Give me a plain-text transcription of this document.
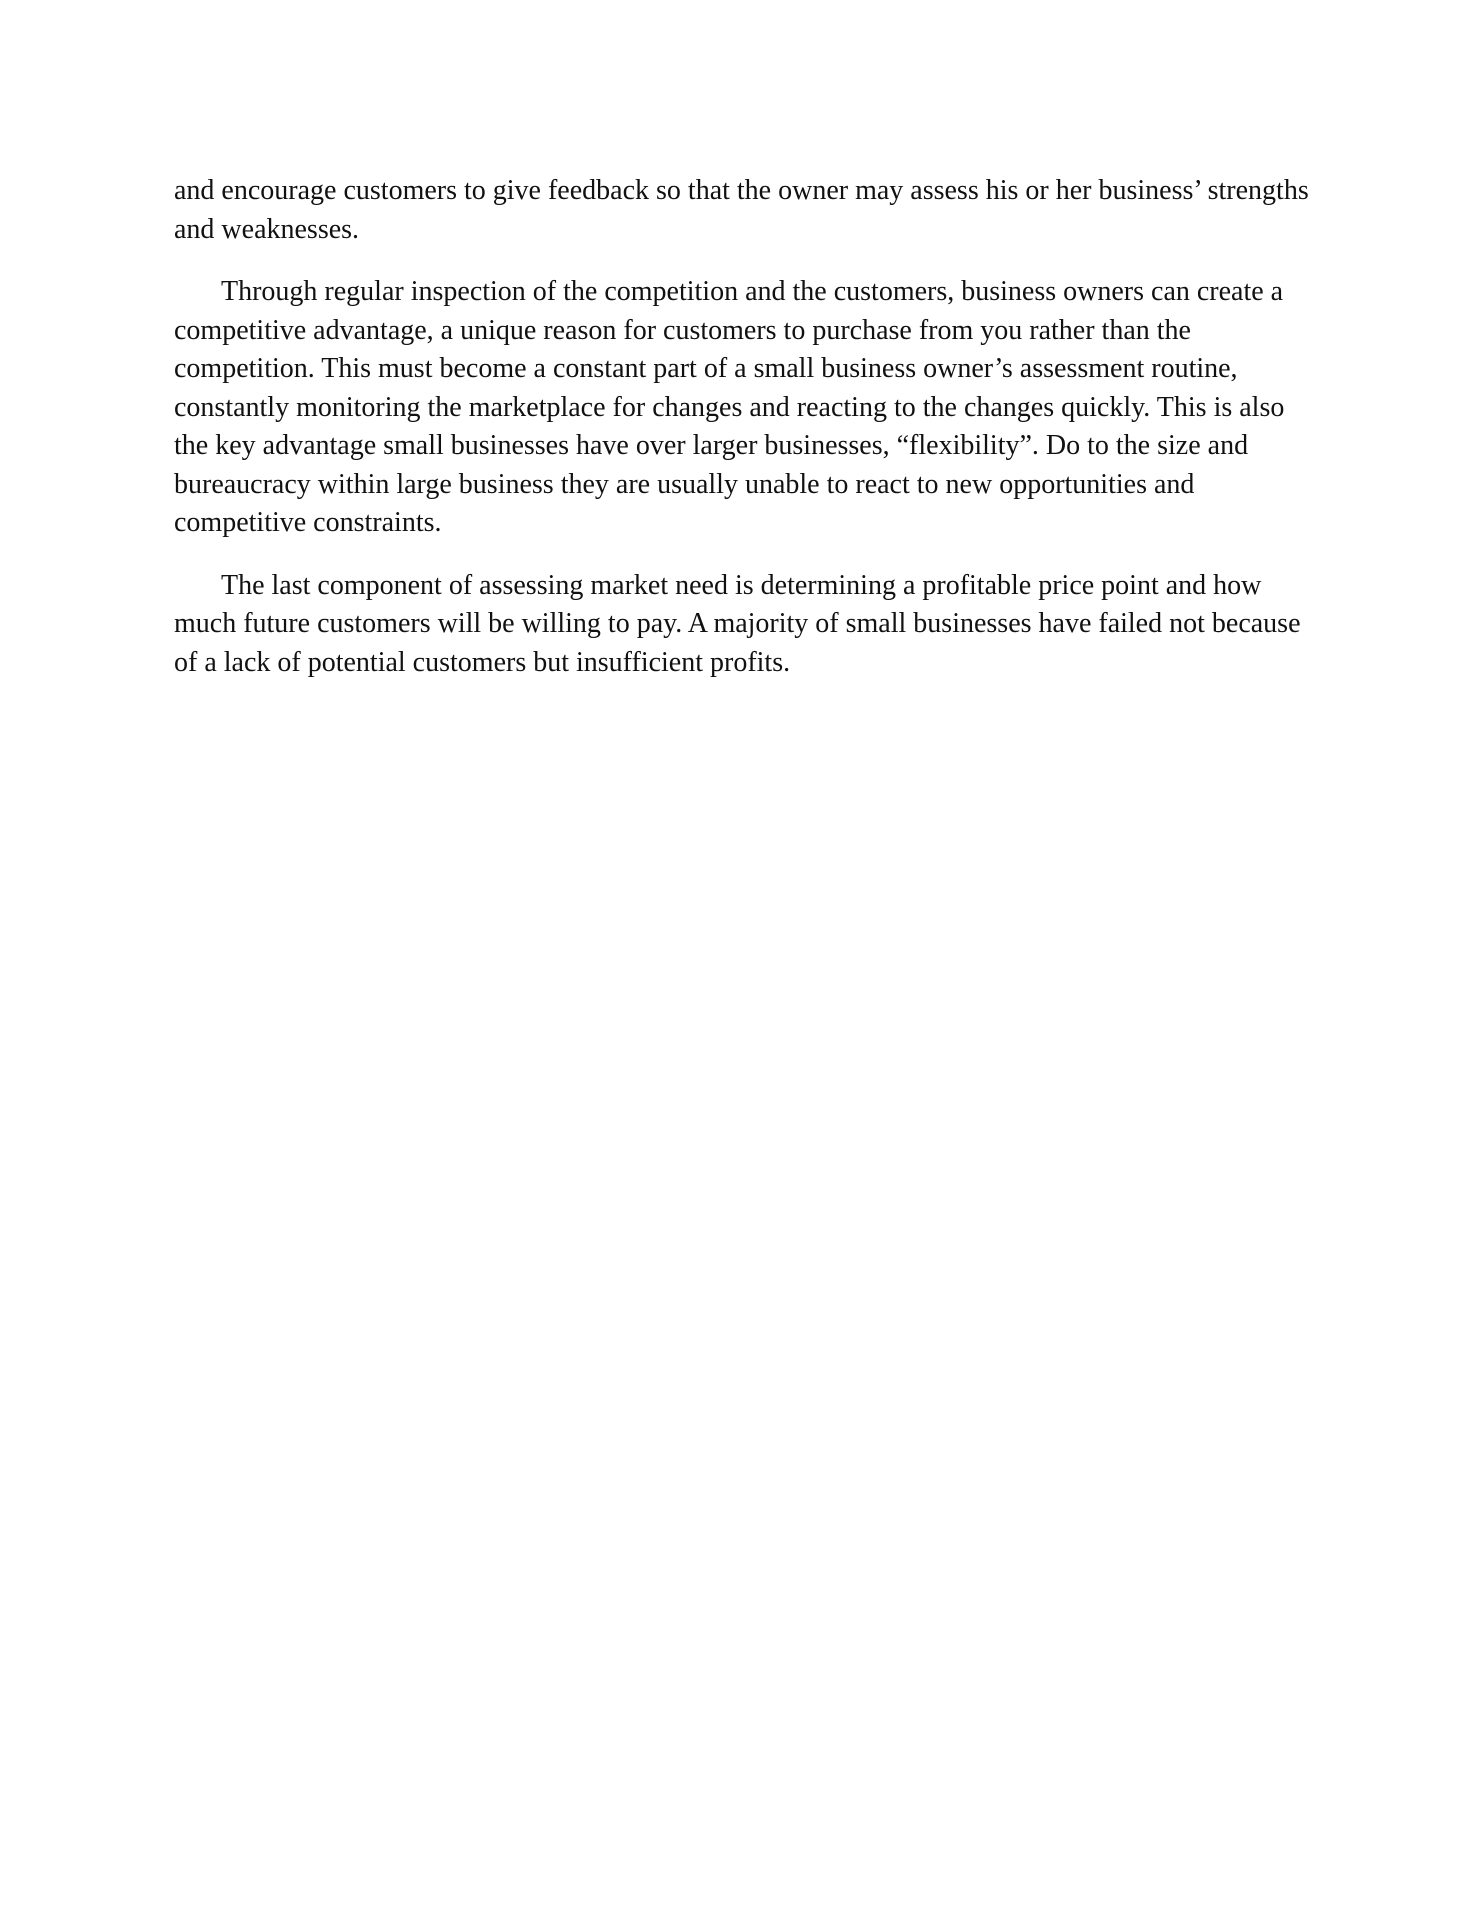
and encourage customers to give feedback so that the owner may assess his or her business’ strengths and weaknesses.

Through regular inspection of the competition and the customers, business owners can create a competitive advantage, a unique reason for customers to purchase from you rather than the competition. This must become a constant part of a small business owner’s assessment routine, constantly monitoring the marketplace for changes and reacting to the changes quickly. This is also the key advantage small businesses have over larger businesses, “flexibility”. Do to the size and bureaucracy within large business they are usually unable to react to new opportunities and competitive constraints.

The last component of assessing market need is determining a profitable price point and how much future customers will be willing to pay. A majority of small businesses have failed not because of a lack of potential customers but insufficient profits.
